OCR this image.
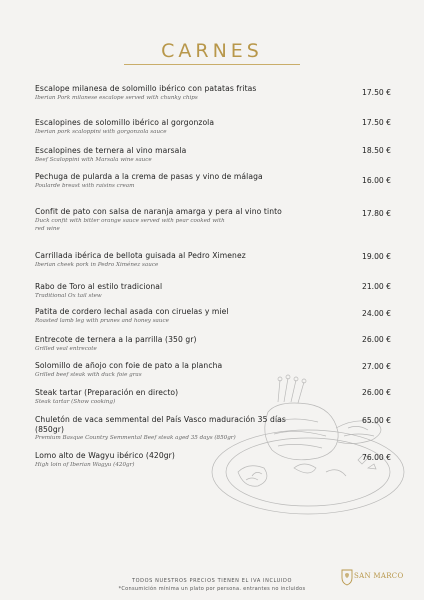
CARNES
Escalope milanesa de solomillo ibérico con patatas fritas
Iberian Pork milanese escalope served with chunky chips
17.50 €
Escalopines de solomillo ibérico al gorgonzola
Iberian pork scaloppini with gorgonzola sauce
17.50 €
Escalopines de ternera al vino marsala
Beef Scaloppini with Marsala wine sauce
18.50 €
Pechuga de pularda a la crema de pasas y vino de málaga
Poularde breast with raisins cream
16.00 €
Confit de pato con salsa de naranja amarga y pera al vino tinto
Duck confit with bitter orange sauce served with pear cooked with red wine
17.80 €
Carrillada ibérica de bellota guisada al Pedro Ximenez
Iberian cheek pork in Pedro Ximénez sauce
19.00 €
Rabo de Toro al estilo tradicional
Traditional Ox tail stew
21.00 €
Patita de cordero lechal asada con ciruelas y miel
Roasted lamb leg with prunes and honey sauce
24.00 €
Entrecote de ternera a la parrilla (350 gr)
Grilled veal entrecote
26.00 €
Solomillo de añojo con foie de pato a la plancha
Grilled beef steak with duck foie gras
27.00 €
Steak tartar (Preparación en directo)
Steak tartar (Show cooking)
26.00 €
Chuletón de vaca semmental del País Vasco maduración 35 días (850gr)
Premium Basque Country Semmental Beef steak aged 35 days (850gr)
65.00 €
Lomo alto de Wagyu ibérico (420gr)
High loin of Iberian Wagyu (420gr)
76.00 €
TODOS NUESTROS PRECIOS TIENEN EL IVA INCLUIDO
*Consumición mínima un plato por persona. entrantes no incluidos
SAN MARCO
